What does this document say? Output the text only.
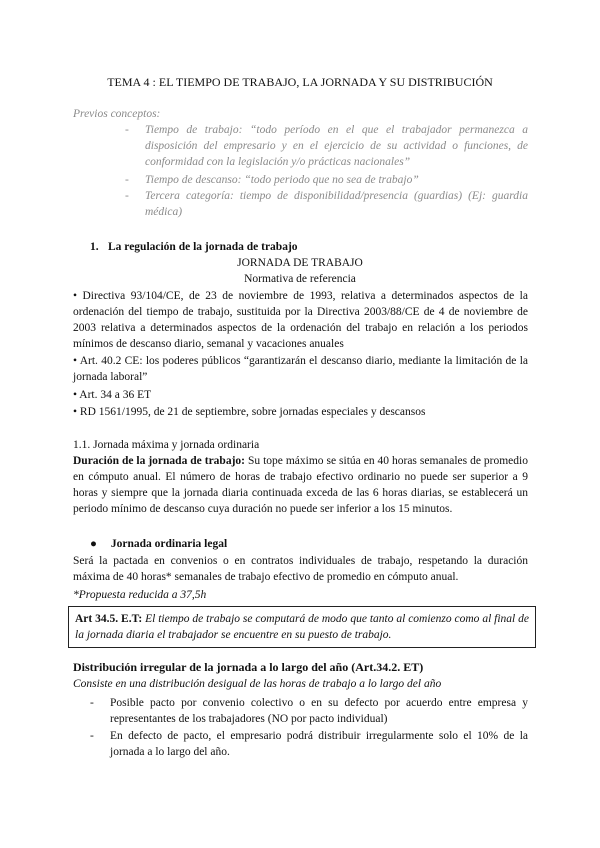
TEMA 4 : EL TIEMPO DE TRABAJO, LA JORNADA Y SU DISTRIBUCIÓN
Previos conceptos:
- Tiempo de trabajo: “todo período en el que el trabajador permanezca a disposición del empresario y en el ejercicio de su actividad o funciones, de conformidad con la legislación y/o prácticas nacionales”
- Tiempo de descanso: “todo periodo que no sea de trabajo”
- Tercera categoría: tiempo de disponibilidad/presencia (guardias) (Ej: guardia médica)
1. La regulación de la jornada de trabajo
JORNADA DE TRABAJO
Normativa de referencia
• Directiva 93/104/CE, de 23 de noviembre de 1993, relativa a determinados aspectos de la ordenación del tiempo de trabajo, sustituida por la Directiva 2003/88/CE de 4 de noviembre de 2003 relativa a determinados aspectos de la ordenación del trabajo en relación a los periodos mínimos de descanso diario, semanal y vacaciones anuales
• Art. 40.2 CE: los poderes públicos “garantizarán el descanso diario, mediante la limitación de la jornada laboral”
• Art. 34 a 36 ET
• RD 1561/1995, de 21 de septiembre, sobre jornadas especiales y descansos
1.1. Jornada máxima y jornada ordinaria
Duración de la jornada de trabajo: Su tope máximo se sitúa en 40 horas semanales de promedio en cómputo anual. El número de horas de trabajo efectivo ordinario no puede ser superior a 9 horas y siempre que la jornada diaria continuada exceda de las 6 horas diarias, se establecerá un periodo mínimo de descanso cuya duración no puede ser inferior a los 15 minutos.
● Jornada ordinaria legal
Será la pactada en convenios o en contratos individuales de trabajo, respetando la duración máxima de 40 horas* semanales de trabajo efectivo de promedio en cómputo anual.
*Propuesta reducida a 37,5h
Art 34.5. E.T: El tiempo de trabajo se computará de modo que tanto al comienzo como al final de la jornada diaria el trabajador se encuentre en su puesto de trabajo.
Distribución irregular de la jornada a lo largo del año (Art.34.2. ET)
Consiste en una distribución desigual de las horas de trabajo a lo largo del año
- Posible pacto por convenio colectivo o en su defecto por acuerdo entre empresa y representantes de los trabajadores (NO por pacto individual)
- En defecto de pacto, el empresario podrá distribuir irregularmente solo el 10% de la jornada a lo largo del año.
